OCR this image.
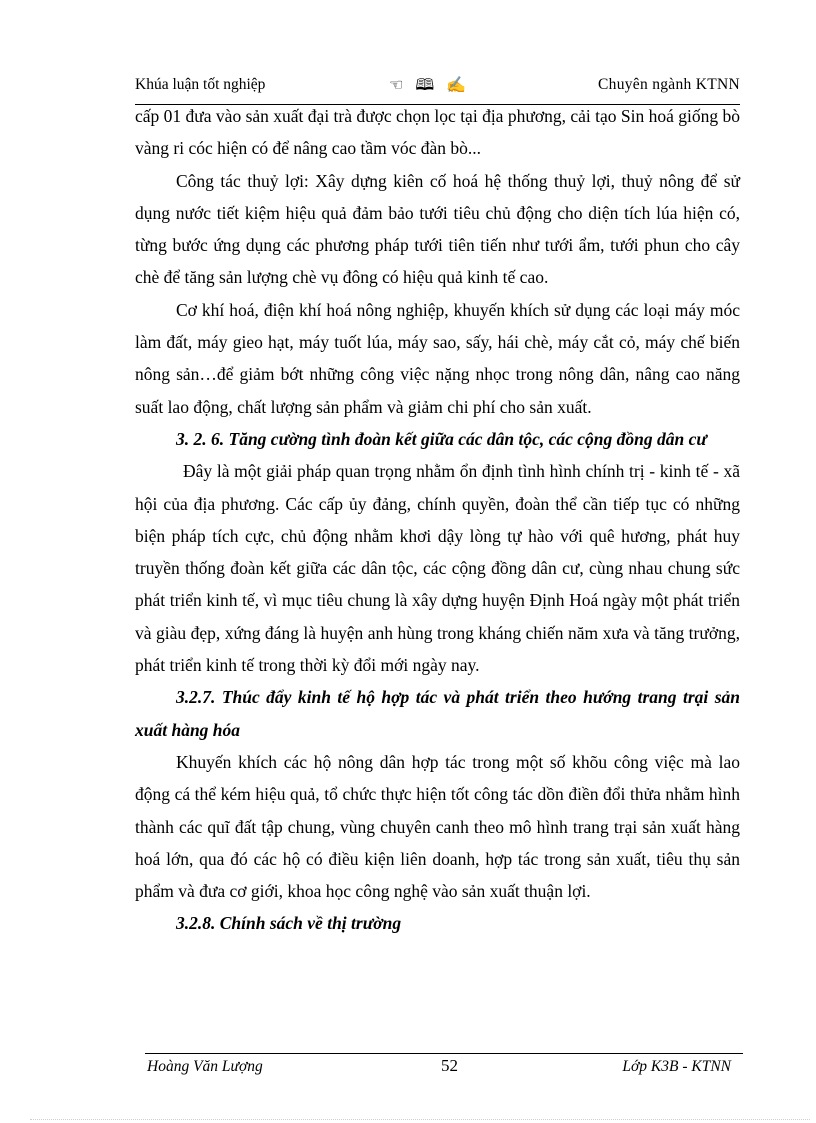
Khúa luận tốt nghiệp	☜ 🕮 ✍	Chuyên ngành KTNN

cấp 01 đưa vào sản xuất đại trà được chọn lọc tại địa phương, cải tạo Sin hoá giống bò vàng ri cóc hiện có để nâng cao tầm vóc đàn bò...

Công tác thuỷ lợi: Xây dựng kiên cố hoá hệ thống thuỷ lợi, thuỷ nông để sử dụng nước tiết kiệm hiệu quả đảm bảo tưới tiêu chủ động cho diện tích lúa hiện có, từng bước ứng dụng các phương pháp tưới tiên tiến như tưới ẩm, tưới phun cho cây chè để tăng sản lượng chè vụ đông có hiệu quả kinh tế cao.

Cơ khí hoá, điện khí hoá nông nghiệp, khuyến khích sử dụng các loại máy móc làm đất, máy gieo hạt, máy tuốt lúa, máy sao, sấy, hái chè, máy cắt cỏ, máy chế biến nông sản…để giảm bớt những công việc nặng nhọc trong nông dân, nâng cao năng suất lao động, chất lượng sản phẩm và giảm chi phí cho sản xuất.

3. 2. 6. Tăng cường tình đoàn kết giữa các dân tộc, các cộng đồng dân cư

Đây là một giải pháp quan trọng nhằm ổn định tình hình chính trị - kinh tế - xã hội của địa phương. Các cấp ủy đảng, chính quyền, đoàn thể cần tiếp tục có những biện pháp tích cực, chủ động nhằm khơi dậy lòng tự hào với quê hương, phát huy truyền thống đoàn kết giữa các dân tộc, các cộng đồng dân cư, cùng nhau chung sức phát triển kinh tế, vì mục tiêu chung là xây dựng huyện Định Hoá ngày một phát triển và giàu đẹp, xứng đáng là huyện anh hùng trong kháng chiến năm xưa và tăng trưởng, phát triển kinh tế trong thời kỳ đổi mới ngày nay.

3.2.7. Thúc đẩy kinh tế hộ hợp tác và phát triển theo hướng trang trại sản xuất hàng hóa

Khuyến khích các hộ nông dân hợp tác trong một số khõu công việc mà lao động cá thể kém hiệu quả, tổ chức thực hiện tốt công tác dồn điền đổi thửa nhằm hình thành các quĩ đất tập chung, vùng chuyên canh theo mô hình trang trại sản xuất hàng hoá lớn, qua đó các hộ có điều kiện liên doanh, hợp tác trong sản xuất, tiêu thụ sản phẩm và đưa cơ giới, khoa học công nghệ vào sản xuất thuận lợi.

3.2.8. Chính sách về thị trường
Hoàng Văn Lượng	52	Lớp K3B - KTNN
